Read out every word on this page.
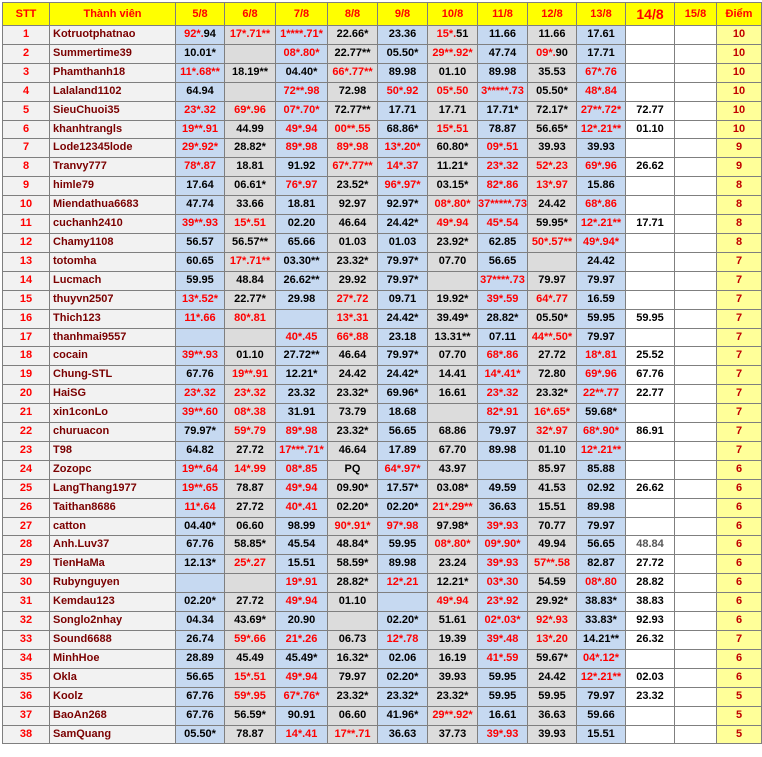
STT	Thành viên	5/8	6/8	7/8	8/8	9/8	10/8	11/8	12/8	13/8	14/8	15/8	Điểm
1	Kotruotphatnao	92*.94	17*.71**	1****.71*	22.66*	23.36	15*.51	11.66	11.66	17.61			10
2	Summertime39	10.01*		08*.80*	22.77**	05.50*	29**.92*	47.74	09*.90	17.71			10
3	Phamthanh18	11*.68**	18.19**	04.40*	66*.77**	89.98	01.10	89.98	35.53	67*.76			10
4	Lalaland1102	64.94		72**.98	72.98	50*.92	05*.50	3*****.73	05.50*	48*.84			10
5	SieuChuoi35	23*.32	69*.96	07*.70*	72.77**	17.71	17.71	17.71*	72.17*	27**.72*	72.77		10
6	khanhtrangls	19**.91	44.99	49*.94	00**.55	68.86*	15*.51	78.87	56.65*	12*.21**	01.10		10
7	Lode12345lode	29*.92*	28.82*	89*.98	89*.98	13*.20*	60.80*	09*.51	39.93	39.93			9
8	Tranvy777	78*.87	18.81	91.92	67*.77**	14*.37	11.21*	23*.32	52*.23	69*.96	26.62		9
9	himle79	17.64	06.61*	76*.97	23.52*	96*.97*	03.15*	82*.86	13*.97	15.86			8
10	Miendathua6683	47.74	33.66	18.81	92.97	92.97*	08*.80*	37*****.73	24.42	68*.86			8
11	cuchanh2410	39**.93	15*.51	02.20	46.64	24.42*	49*.94	45*.54	59.95*	12*.21**	17.71		8
12	Chamy1108	56.57	56.57**	65.66	01.03	01.03	23.92*	62.85	50*.57**	49*.94*			8
13	totomha	60.65	17*.71**	03.30**	23.32*	79.97*	07.70	56.65		24.42			7
14	Lucmach	59.95	48.84	26.62**	29.92	79.97*		37****.73	79.97	79.97			7
15	thuyvn2507	13*.52*	22.77*	29.98	27*.72	09.71	19.92*	39*.59	64*.77	16.59			7
16	Thich123	11*.66	80*.81		13*.31	24.42*	39.49*	28.82*	05.50*	59.95	59.95		7
17	thanhmai9557			40*.45	66*.88	23.18	13.31**	07.11	44**.50*	79.97			7
18	cocain	39**.93	01.10	27.72**	46.64	79.97*	07.70	68*.86	27.72	18*.81	25.52		7
19	Chung-STL	67.76	19**.91	12.21*	24.42	24.42*	14.41	14*.41*	72.80	69*.96	67.76		7
20	HaiSG	23*.32	23*.32	23.32	23.32*	69.96*	16.61	23*.32	23.32*	22**.77	22.77		7
21	xin1conLo	39**.60	08*.38	31.91	73.79	18.68		82*.91	16*.65*	59.68*			7
22	churuacon	79.97*	59*.79	89*.98	23.32*	56.65	68.86	79.97	32*.97	68*.90*	86.91		7
23	T98	64.82	27.72	17***.71*	46.64	17.89	67.70	89.98	01.10	12*.21**			7
24	Zozopc	19**.64	14*.99	08*.85	PQ	64*.97*	43.97		85.97	85.88			6
25	LangThang1977	19**.65	78.87	49*.94	09.90*	17.57*	03.08*	49.59	41.53	02.92	26.62		6
26	Taithan8686	11*.64	27.72	40*.41	02.20*	02.20*	21*.29**	36.63	15.51	89.98			6
27	catton	04.40*	06.60	98.99	90*.91*	97*.98	97.98*	39*.93	70.77	79.97			6
28	Anh.Luv37	67.76	58.85*	45.54	48.84*	59.95	08*.80*	09*.90*	49.94	56.65	48.84		6
29	TienHaMa	12.13*	25*.27	15.51	58.59*	89.98	23.24	39*.93	57**.58	82.87	27.72		6
30	Rubynguyen			19*.91	28.82*	12*.21	12.21*	03*.30	54.59	08*.80	28.82		6
31	Kemdau123	02.20*	27.72	49*.94	01.10		49*.94	23*.92	29.92*	38.83*	38.83		6
32	Songlo2nhay	04.34	43.69*	20.90		02.20*	51.61	02*.03*	92*.93	33.83*	92.93		6
33	Sound6688	26.74	59*.66	21*.26	06.73	12*.78	19.39	39*.48	13*.20	14.21**	26.32		7
34	MinhHoe	28.89	45.49	45.49*	16.32*	02.06	16.19	41*.59	59.67*	04*.12*			6
35	Okla	56.65	15*.51	49*.94	79.97	02.20*	39.93	59.95	24.42	12*.21**	02.03		6
36	Koolz	67.76	59*.95	67*.76*	23.32*	23.32*	23.32*	59.95	59.95	79.97	23.32		5
37	BaoAn268	67.76	56.59*	90.91	06.60	41.96*	29**.92*	16.61	36.63	59.66			5
38	SamQuang	05.50*	78.87	14*.41	17**.71	36.63	37.73	39*.93	39.93	15.51			5
